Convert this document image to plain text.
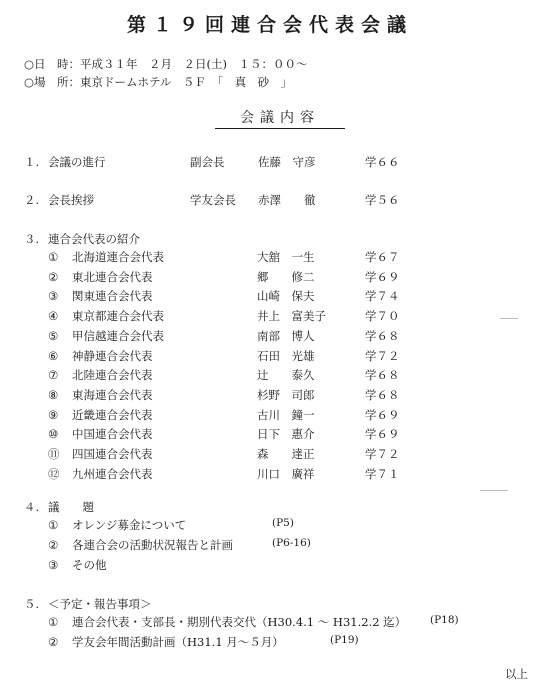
第１９回連合会代表会議
○日　時：平成３１年　２月　２日(土)　１５：００～
○場　所：東京ドームホテル　５Ｆ　「　真　砂　」
会議内容
１. 会議の進行	副会長	佐藤　守彦	学６６
２. 会長挨拶	学友会長 赤澤　　徹	学５６
３. 連合会代表の紹介
① 北海道連合会代表	大舘　一生	学６７
② 東北連合会代表	郷　　修二	学６９
③ 関東連合会代表	山崎　保夫	学７４
④ 東京都連合会代表	井上　富美子	学７０
⑤ 甲信越連合会代表	南部　博人	学６８
⑥ 神静連合会代表	石田　光雄	学７２
⑦ 北陸連合会代表	辻　　泰久	学６８
⑧ 東海連合会代表	杉野　司郎	学６８
⑨ 近畿連合会代表	古川　鐘一	学６９
⑩ 中国連合会代表	日下　惠介	学６９
⑪ 四国連合会代表	森　　達正	学７２
⑫ 九州連合会代表	川口　廣祥	学７１
４. 議　　題
① オレンジ募金について	(P5)
② 各連合会の活動状況報告と計画	(P6-16)
③ その他
５. ＜予定・報告事項＞
① 連合会代表・支部長・期別代表交代（H30.4.1 ～ H31.2.2 迄） (P18)
② 学友会年間活動計画（H31.1 月～５月）	(P19)
以上
